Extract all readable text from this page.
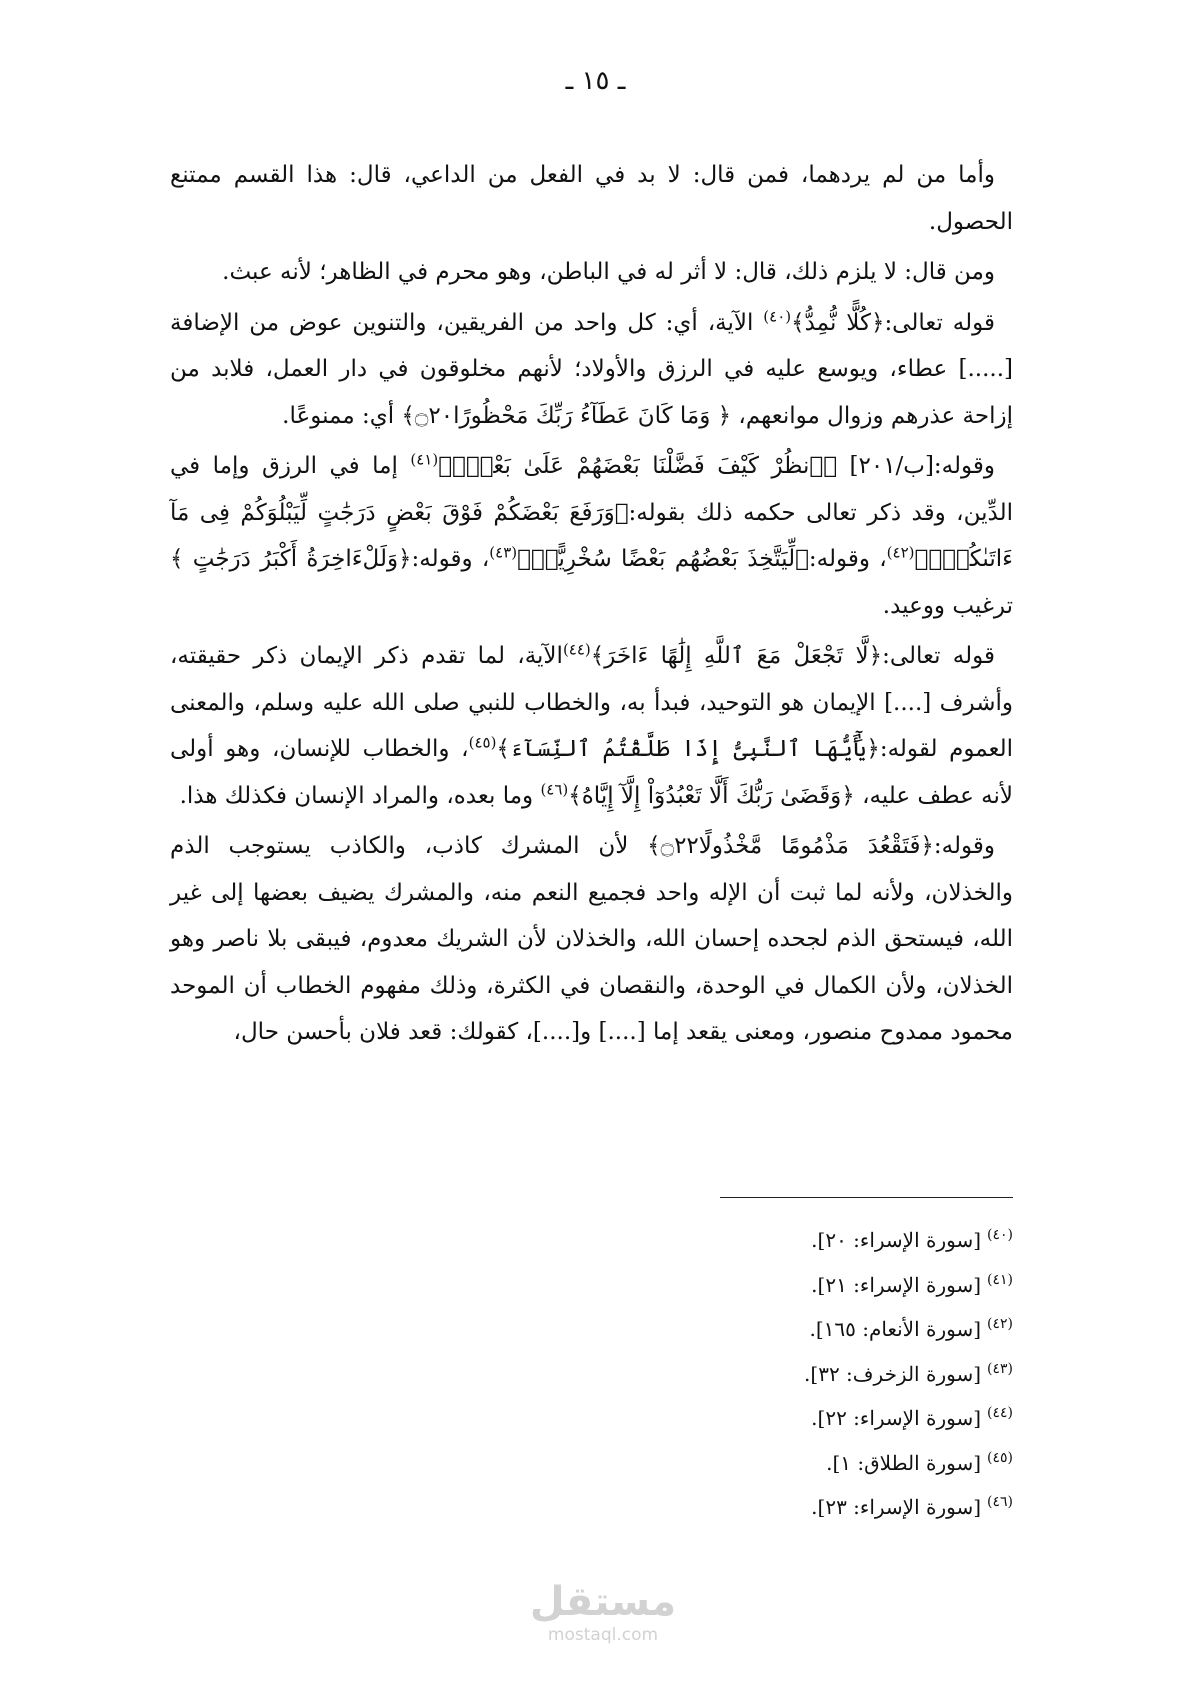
ـ ١٥ ـ

وأما من لم يردهما، فمن قال: لا بد في الفعل من الداعي، قال: هذا القسم ممتنع الحصول.

ومن قال: لا يلزم ذلك، قال: لا أثر له في الباطن، وهو محرم في الظاهر؛ لأنه عبث.

قوله تعالى:﴿كُلًّا نُّمِدُّ﴾$^{(٤٠)}$ الآية، أي: كل واحد من الفريقين، والتنوين عوض من الإضافة [.....] عطاء، ويوسع عليه في الرزق والأولاد؛ لأنهم مخلوقون في دار العمل، فلابد من إزاحة عذرهم وزوال موانعهم، ﴿ وَمَا كَانَ عَطَآءُ رَبِّكَ مَحْظُورًا۝٢٠﴾ أي: ممنوعًا.

وقوله:[ب/٢٠١] ﴿ٱنظُرْ كَيْفَ فَضَّلْنَا بَعْضَهُمْ عَلَىٰ بَعْضٍۚ﴾$^{(٤١)}$ إما في الرزق وإما في الدِّين، وقد ذكر تعالى حكمه ذلك بقوله:﴿وَرَفَعَ بَعْضَكُمْ فَوْقَ بَعْضٍ دَرَجَٰتٍ لِّيَبْلُوَكُمْ فِى مَآ ءَاتَىٰكُمْۗ﴾$^{(٤٢)}$، وقوله:﴿لِّيَتَّخِذَ بَعْضُهُم بَعْضًا سُخْرِيًّاۗ﴾$^{(٤٣)}$، وقوله:﴿وَلَلْءَاخِرَةُ أَكْبَرُ دَرَجَٰتٍ ﴾ ترغيب ووعيد.

قوله تعالى:﴿لَّا تَجْعَلْ مَعَ ٱللَّهِ إِلَٰهًا ءَاخَرَ﴾$^{(٤٤)}$الآية، لما تقدم ذكر الإيمان ذكر حقيقته، وأشرف [....] الإيمان هو التوحيد، فبدأ به، والخطاب للنبي صلى الله عليه وسلم، والمعنى العموم لقوله:﴿يَٰٓأَيُّهَا ٱلنَّبِىُّ إِذَا طَلَّقْتُمُ ٱلنِّسَآءَ﴾$^{(٤٥)}$، والخطاب للإنسان، وهو أولى لأنه عطف عليه، ﴿وَقَضَىٰ رَبُّكَ أَلَّا تَعْبُدُوٓاْ إِلَّآ إِيَّاهُ﴾$^{(٤٦)}$ وما بعده، والمراد الإنسان فكذلك هذا.

وقوله:﴿فَتَقْعُدَ مَذْمُومًا مَّخْذُولًا۝٢٢﴾ لأن المشرك كاذب، والكاذب يستوجب الذم والخذلان، ولأنه لما ثبت أن الإله واحد فجميع النعم منه، والمشرك يضيف بعضها إلى غير الله، فيستحق الذم لجحده إحسان الله، والخذلان لأن الشريك معدوم، فيبقى بلا ناصر وهو الخذلان، ولأن الكمال في الوحدة، والنقصان في الكثرة، وذلك مفهوم الخطاب أن الموحد محمود ممدوح منصور، ومعنى يقعد إما [....] و[....]، كقولك: قعد فلان بأحسن حال،

$^{(٤٠)}$[سورة الإسراء: ٢٠].
$^{(٤١)}$[سورة الإسراء: ٢١].
$^{(٤٢)}$[سورة الأنعام: ١٦٥].
$^{(٤٣)}$[سورة الزخرف: ٣٢].
$^{(٤٤)}$[سورة الإسراء: ٢٢].
$^{(٤٥)}$[سورة الطلاق: ١].
$^{(٤٦)}$[سورة الإسراء: ٢٣].
مستقل
mostaql.com
